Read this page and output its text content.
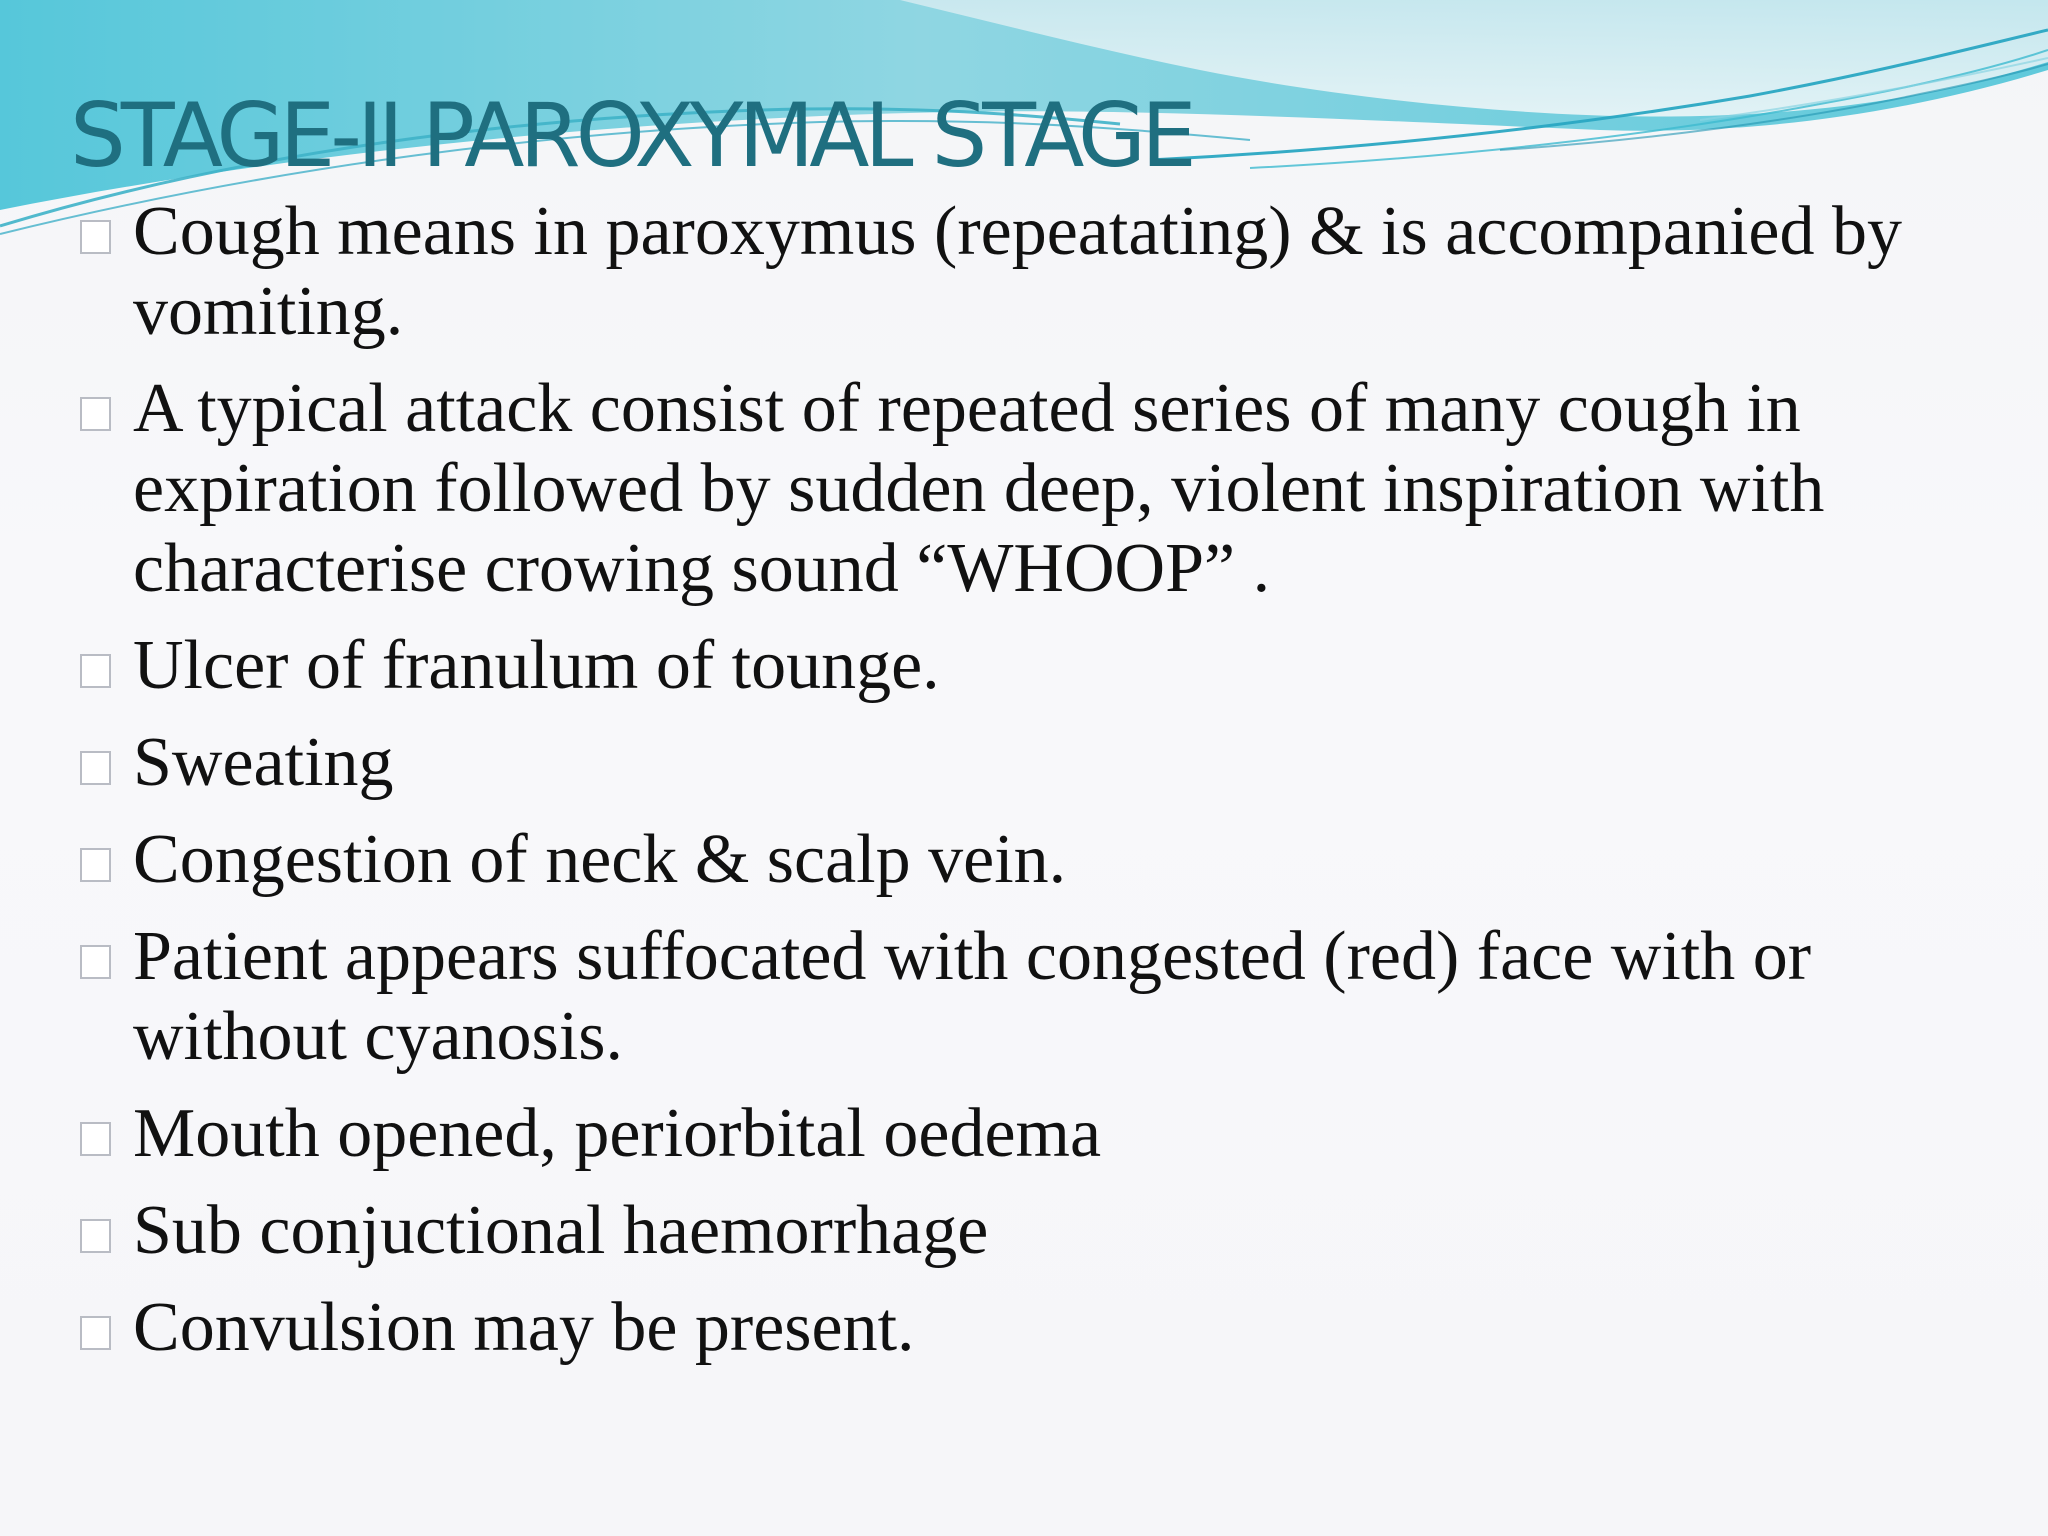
STAGE-II PAROXYMAL STAGE
Cough means in paroxymus (repeatating) & is accompanied by vomiting.
A typical attack consist of repeated series of many cough in expiration followed by sudden deep, violent inspiration with characterise crowing sound “WHOOP” .
Ulcer of franulum of tounge.
Sweating
Congestion of neck & scalp vein.
Patient appears suffocated with congested (red) face with or without cyanosis.
Mouth opened, periorbital oedema
Sub conjuctional haemorrhage
Convulsion may be present.
